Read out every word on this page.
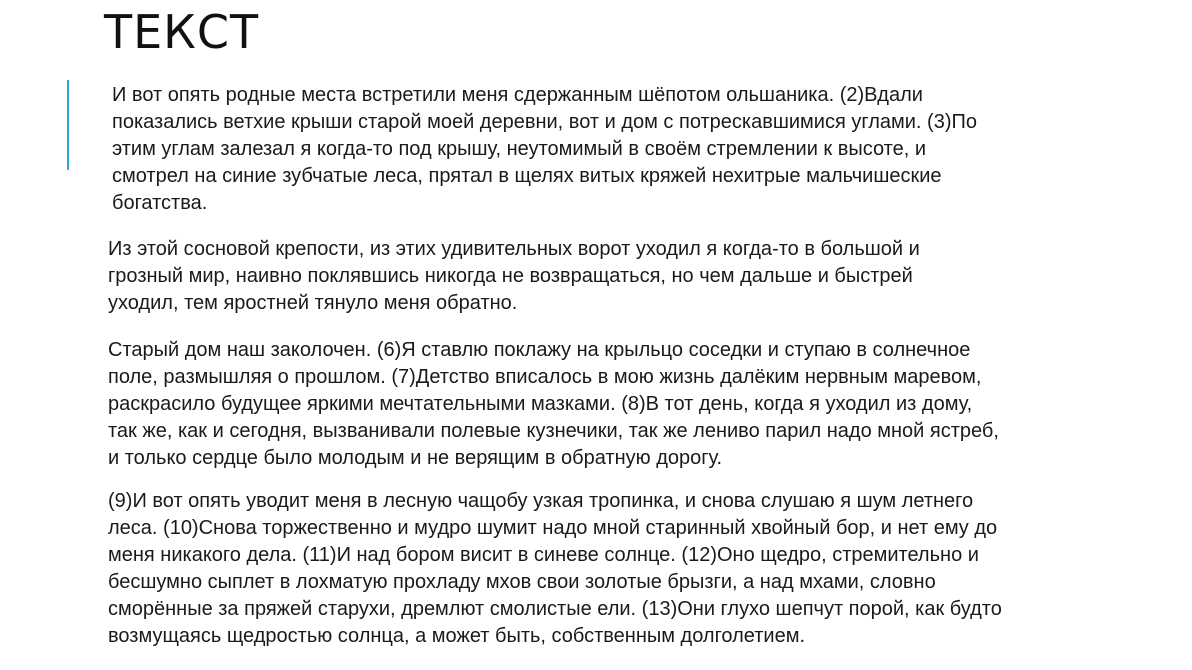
ТЕКСТ

И вот опять родные места встретили меня сдержанным шёпотом ольшаника. (2)Вдали
показались ветхие крыши старой моей деревни, вот и дом с потрескавшимися углами. (3)По
этим углам залезал я когда-то под крышу, неутомимый в своём стремлении к высоте, и
смотрел на синие зубчатые леса, прятал в щелях витых кряжей нехитрые мальчишеские
богатства.

Из этой сосновой крепости, из этих удивительных ворот уходил я когда-то в большой и
грозный мир, наивно поклявшись никогда не возвращаться, но чем дальше и быстрей
уходил, тем яростней тянуло меня обратно.

Старый дом наш заколочен. (6)Я ставлю поклажу на крыльцо соседки и ступаю в солнечное
поле, размышляя о прошлом. (7)Детство вписалось в мою жизнь далёким нервным маревом,
раскрасило будущее яркими мечтательными мазками. (8)В тот день, когда я уходил из дому,
так же, как и сегодня, вызванивали полевые кузнечики, так же лениво парил надо мной ястреб,
и только сердце было молодым и не верящим в обратную дорогу.

(9)И вот опять уводит меня в лесную чащобу узкая тропинка, и снова слушаю я шум летнего
леса. (10)Снова торжественно и мудро шумит надо мной старинный хвойный бор, и нет ему до
меня никакого дела. (11)И над бором висит в синеве солнце. (12)Оно щедро, стремительно и
бесшумно сыплет в лохматую прохладу мхов свои золотые брызги, а над мхами, словно
сморённые за пряжей старухи, дремлют смолистые ели. (13)Они глухо шепчут порой, как будто
возмущаясь щедростью солнца, а может быть, собственным долголетием.
